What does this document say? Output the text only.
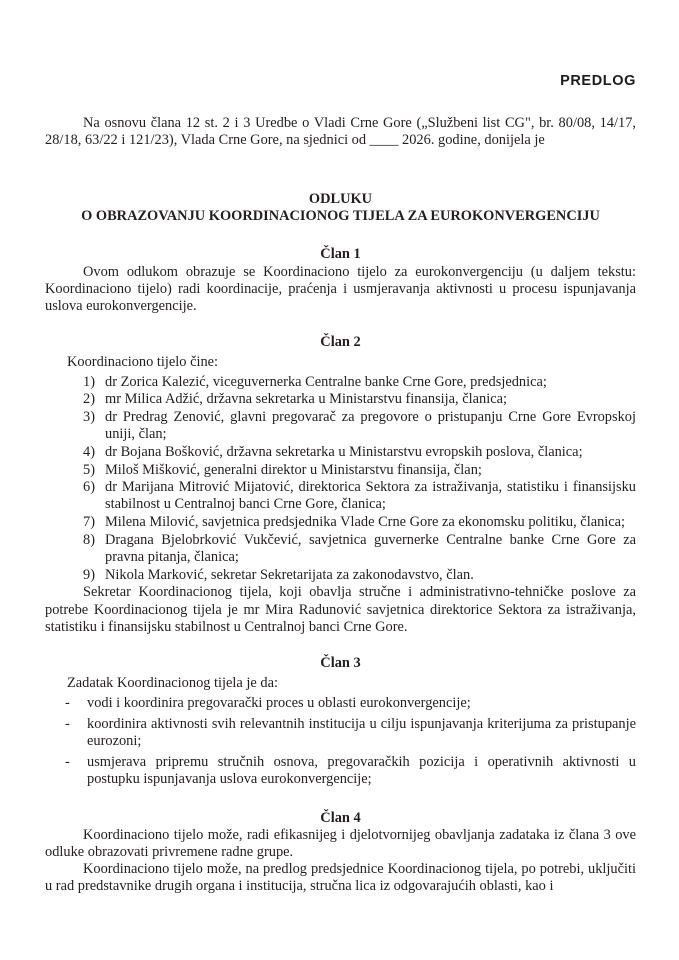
PREDLOG

Na osnovu člana 12 st. 2 i 3 Uredbe o Vladi Crne Gore („Službeni list CG", br. 80/08, 14/17, 28/18, 63/22 i 121/23), Vlada Crne Gore, na sjednici od ____ 2026. godine, donijela je

ODLUKU
O OBRAZOVANJU KOORDINACIONOG TIJELA ZA EUROKONVERGENCIJU
Član 1

Ovom odlukom obrazuje se Koordinaciono tijelo za eurokonvergenciju (u daljem tekstu: Koordinaciono tijelo) radi koordinacije, praćenja i usmjeravanja aktivnosti u procesu ispunjavanja uslova eurokonvergencije.

Član 2

Koordinaciono tijelo čine:

1) dr Zorica Kalezić, viceguvernerka Centralne banke Crne Gore, predsjednica;
2) mr Milica Adžić, državna sekretarka u Ministarstvu finansija, članica;
3) dr Predrag Zenović, glavni pregovarač za pregovore o pristupanju Crne Gore Evropskoj uniji, član;
4) dr Bojana Bošković, državna sekretarka u Ministarstvu evropskih poslova, članica;
5) Miloš Mišković, generalni direktor u Ministarstvu finansija, član;
6) dr Marijana Mitrović Mijatović, direktorica Sektora za istraživanja, statistiku i finansijsku stabilnost u Centralnoj banci Crne Gore, članica;
7) Milena Milović, savjetnica predsjednika Vlade Crne Gore za ekonomsku politiku, članica;
8) Dragana Bjelobrković Vukčević, savjetnica guvernerke Centralne banke Crne Gore za pravna pitanja, članica;
9) Nikola Marković, sekretar Sekretarijata za zakonodavstvo, član.

Sekretar Koordinacionog tijela, koji obavlja stručne i administrativno-tehničke poslove za potrebe Koordinacionog tijela je mr Mira Radunović savjetnica direktorice Sektora za istraživanja, statistiku i finansijsku stabilnost u Centralnoj banci Crne Gore.

Član 3

Zadatak Koordinacionog tijela je da:

- vodi i koordinira pregovarački proces u oblasti eurokonvergencije;
- koordinira aktivnosti svih relevantnih institucija u cilju ispunjavanja kriterijuma za pristupanje eurozoni;
- usmjerava pripremu stručnih osnova, pregovaračkih pozicija i operativnih aktivnosti u postupku ispunjavanja uslova eurokonvergencije;
Član 4

Koordinaciono tijelo može, radi efikasnijeg i djelotvornijeg obavljanja zadataka iz člana 3 ove odluke obrazovati privremene radne grupe.

Koordinaciono tijelo može, na predlog predsjednice Koordinacionog tijela, po potrebi, uključiti u rad predstavnike drugih organa i institucija, stručna lica iz odgovarajućih oblasti, kao i
